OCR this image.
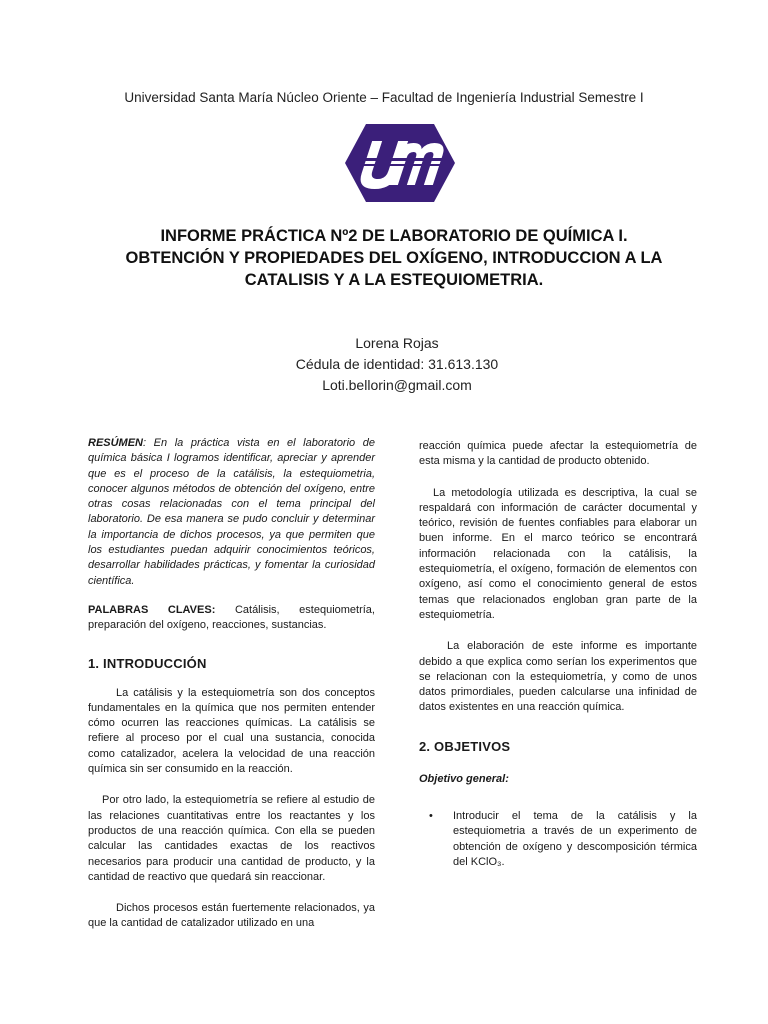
Universidad Santa María Núcleo Oriente – Facultad de Ingeniería Industrial Semestre I
INFORME PRÁCTICA Nº2 DE LABORATORIO DE QUÍMICA I.
OBTENCIÓN Y PROPIEDADES DEL OXÍGENO, INTRODUCCION A LA
CATALISIS Y A LA ESTEQUIOMETRIA.
Lorena Rojas
Cédula de identidad: 31.613.130
Loti.bellorin@gmail.com

RESÚMEN: En la práctica vista en el laboratorio de química básica I logramos identificar, apreciar y aprender que es el proceso de la catálisis, la estequiometria, conocer algunos métodos de obtención del oxígeno, entre otras cosas relacionadas con el tema principal del laboratorio. De esa manera se pudo concluir y determinar la importancia de dichos procesos, ya que permiten que los estudiantes puedan adquirir conocimientos teóricos, desarrollar habilidades prácticas, y fomentar la curiosidad científica.

PALABRAS CLAVES: Catálisis, estequiometría, preparación del oxígeno, reacciones, sustancias.

1. INTRODUCCIÓN

La catálisis y la estequiometría son dos conceptos fundamentales en la química que nos permiten entender cómo ocurren las reacciones químicas. La catálisis se refiere al proceso por el cual una sustancia, conocida como catalizador, acelera la velocidad de una reacción química sin ser consumido en la reacción.

Por otro lado, la estequiometría se refiere al estudio de las relaciones cuantitativas entre los reactantes y los productos de una reacción química. Con ella se pueden calcular las cantidades exactas de los reactivos necesarios para producir una cantidad de producto, y la cantidad de reactivo que quedará sin reaccionar.

Dichos procesos están fuertemente relacionados, ya que la cantidad de catalizador utilizado en una

reacción química puede afectar la estequiometría de esta misma y la cantidad de producto obtenido.

La metodología utilizada es descriptiva, la cual se respaldará con información de carácter documental y teórico, revisión de fuentes confiables para elaborar un buen informe. En el marco teórico se encontrará información relacionada con la catálisis, la estequiometría, el oxígeno, formación de elementos con oxígeno, así como el conocimiento general de estos temas que relacionados engloban gran parte de la estequiometría.

La elaboración de este informe es importante debido a que explica como serían los experimentos que se relacionan con la estequiometría, y como de unos datos primordiales, pueden calcularse una infinidad de datos existentes en una reacción química.

2. OBJETIVOS

Objetivo general:

• Introducir el tema de la catálisis y la estequiometria a través de un experimento de obtención de oxígeno y descomposición térmica del KClO₃.
